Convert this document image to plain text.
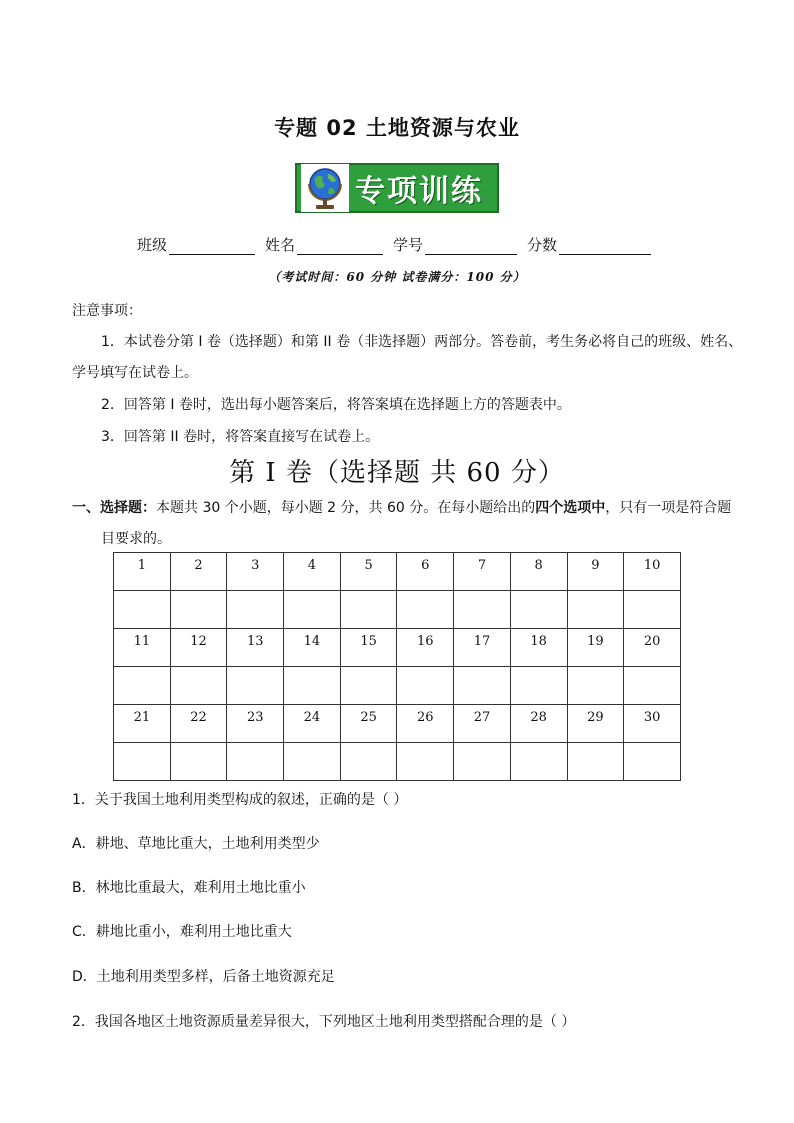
专题 02 土地资源与农业
专项训练
班级	姓名	学号	分数
（考试时间：60 分钟 试卷满分：100 分）
注意事项：
1．本试卷分第 I 卷（选择题）和第 II 卷（非选择题）两部分。答卷前，考生务必将自己的班级、姓名、
学号填写在试卷上。
2．回答第 I 卷时，选出每小题答案后，将答案填在选择题上方的答题表中。
3．回答第 II 卷时，将答案直接写在试卷上。
第 I 卷（选择题 共 60 分）
一、选择题：本题共 30 个小题，每小题 2 分，共 60 分。在每小题给出的四个选项中，只有一项是符合题
目要求的。
1	2	3	4	5	6	7	8	9	10

11	12	13	14	15	16	17	18	19	20

21	22	23	24	25	26	27	28	29	30

1．关于我国土地利用类型构成的叙述，正确的是（ ）
A．耕地、草地比重大，土地利用类型少
B．林地比重最大，难利用土地比重小
C．耕地比重小，难利用土地比重大
D．土地利用类型多样，后备土地资源充足
2．我国各地区土地资源质量差异很大，下列地区土地利用类型搭配合理的是（ ）
